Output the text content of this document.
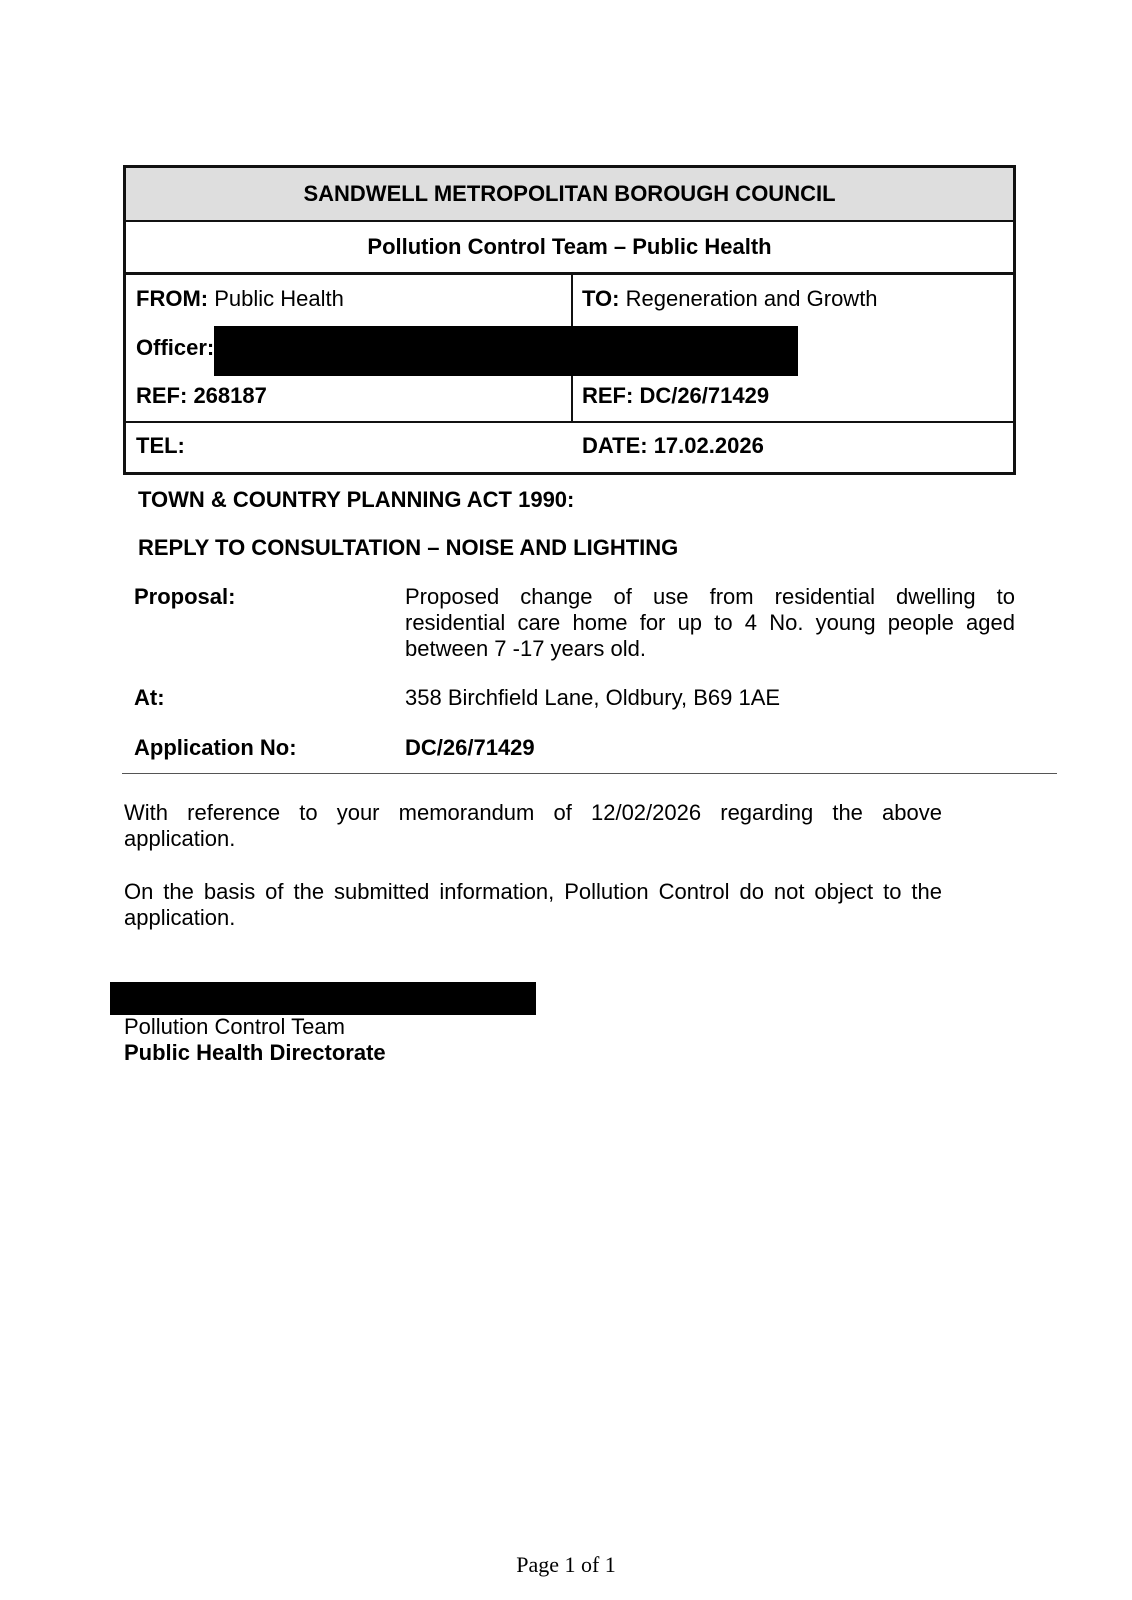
SANDWELL METROPOLITAN BOROUGH COUNCIL
Pollution Control Team – Public Health
FROM: Public Health	TO: Regeneration and Growth
Officer:
REF: 268187	REF: DC/26/71429
TEL:	DATE: 17.02.2026
TOWN & COUNTRY PLANNING ACT 1990:
REPLY TO CONSULTATION – NOISE AND LIGHTING
Proposal:	Proposed change of use from residential dwelling to residential care home for up to 4 No. young people aged between 7 -17 years old.
At:	358 Birchfield Lane, Oldbury, B69 1AE
Application No:	DC/26/71429
With reference to your memorandum of 12/02/2026 regarding the above application.
On the basis of the submitted information, Pollution Control do not object to the application.
Pollution Control Team
Public Health Directorate
Page 1 of 1
